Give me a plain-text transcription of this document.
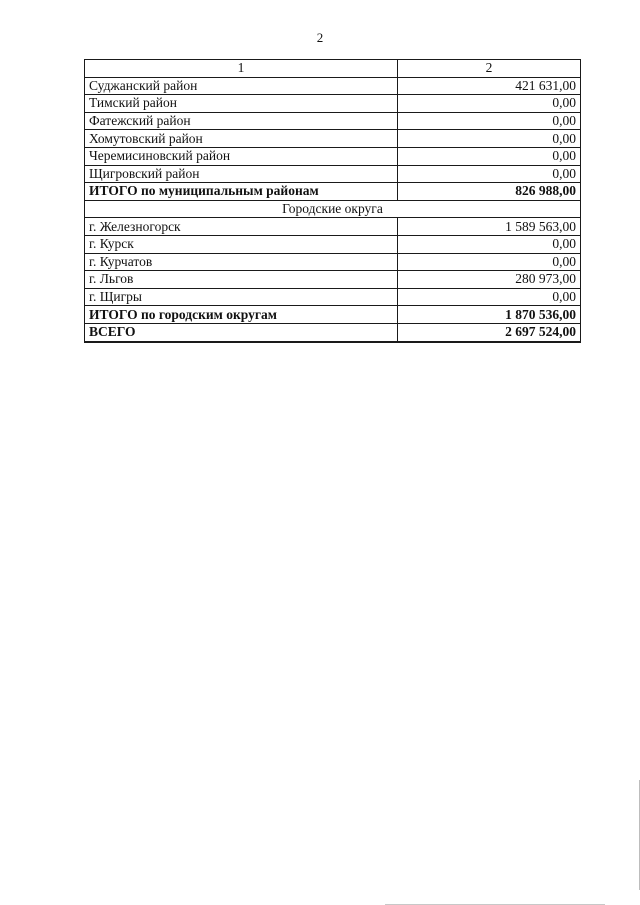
2
1	2
Суджанский район	421 631,00
Тимский район	0,00
Фатежский район	0,00
Хомутовский район	0,00
Черемисиновский район	0,00
Щигровский район	0,00
ИТОГО по муниципальным районам	826 988,00
Городские округа	
г. Железногорск	1 589 563,00
г. Курск	0,00
г. Курчатов	0,00
г. Льгов	280 973,00
г. Щигры	0,00
ИТОГО по городским округам	1 870 536,00
ВСЕГО	2 697 524,00
